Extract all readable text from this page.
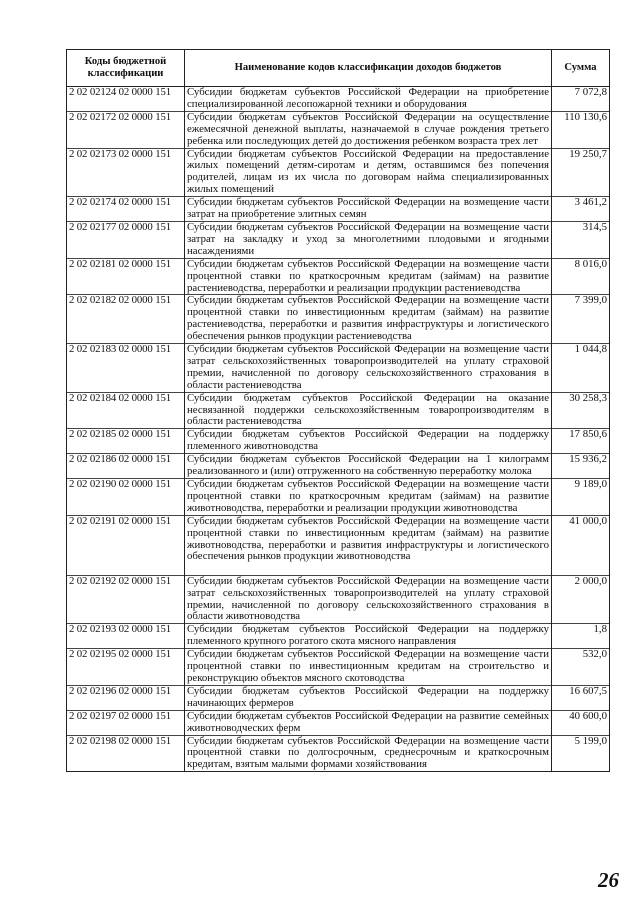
Коды бюджетной классификации	Наименование кодов классификации доходов бюджетов	Сумма
2 02 02124 02 0000 151	Субсидии бюджетам субъектов Российской Федерации на приобретение специализированной лесопожарной техники и оборудования	7 072,8
2 02 02172 02 0000 151	Субсидии бюджетам субъектов Российской Федерации на осуществление ежемесячной денежной выплаты, назначаемой в случае рождения третьего ребенка или последующих детей до достижения ребенком возраста трех лет	110 130,6
2 02 02173 02 0000 151	Субсидии бюджетам субъектов Российской Федерации на предоставление жилых помещений детям-сиротам и детям, оставшимся без попечения родителей, лицам из их числа по договорам найма специализированных жилых помещений	19 250,7
2 02 02174 02 0000 151	Субсидии бюджетам субъектов Российской Федерации на возмещение части затрат на приобретение элитных семян	3 461,2
2 02 02177 02 0000 151	Субсидии бюджетам субъектов Российской Федерации на возмещение части затрат на закладку и уход за многолетними плодовыми и ягодными насаждениями	314,5
2 02 02181 02 0000 151	Субсидии бюджетам субъектов Российской Федерации на возмещение части процентной ставки по краткосрочным кредитам (займам) на развитие растениеводства, переработки и реализации продукции растениеводства	8 016,0
2 02 02182 02 0000 151	Субсидии бюджетам субъектов Российской Федерации на возмещение части процентной ставки по инвестиционным кредитам (займам) на развитие растениеводства, переработки и развития инфраструктуры и логистического обеспечения рынков продукции растениеводства	7 399,0
2 02 02183 02 0000 151	Субсидии бюджетам субъектов Российской Федерации на возмещение части затрат сельскохозяйственных товаропроизводителей на уплату страховой премии, начисленной по договору сельскохозяйственного страхования в области растениеводства	1 044,8
2 02 02184 02 0000 151	Субсидии бюджетам субъектов Российской Федерации на оказание несвязанной поддержки сельскохозяйственным товаропроизводителям в области растениеводства	30 258,3
2 02 02185 02 0000 151	Субсидии бюджетам субъектов Российской Федерации на поддержку племенного животноводства	17 850,6
2 02 02186 02 0000 151	Субсидии бюджетам субъектов Российской Федерации на 1 килограмм реализованного и (или) отгруженного на собственную переработку молока	15 936,2
2 02 02190 02 0000 151	Субсидии бюджетам субъектов Российской Федерации на возмещение части процентной ставки по краткосрочным кредитам (займам) на развитие животноводства, переработки и реализации продукции животноводства	9 189,0
2 02 02191 02 0000 151	Субсидии бюджетам субъектов Российской Федерации на возмещение части процентной ставки по инвестиционным кредитам (займам) на развитие животноводства, переработки и развития инфраструктуры и логистического обеспечения рынков продукции животноводства	41 000,0
2 02 02192 02 0000 151	Субсидии бюджетам субъектов Российской Федерации на возмещение части затрат сельскохозяйственных товаропроизводителей на уплату страховой премии, начисленной по договору сельскохозяйственного страхования в области животноводства	2 000,0
2 02 02193 02 0000 151	Субсидии бюджетам субъектов Российской Федерации на поддержку племенного крупного рогатого скота мясного направления	1,8
2 02 02195 02 0000 151	Субсидии бюджетам субъектов Российской Федерации на возмещение части процентной ставки по инвестиционным кредитам на строительство и реконструкцию объектов мясного скотоводства	532,0
2 02 02196 02 0000 151	Субсидии бюджетам субъектов Российской Федерации на поддержку начинающих фермеров	16 607,5
2 02 02197 02 0000 151	Субсидии бюджетам субъектов Российской Федерации на развитие семейных животноводческих ферм	40 600,0
2 02 02198 02 0000 151	Субсидии бюджетам субъектов Российской Федерации на возмещение части процентной ставки по долгосрочным, среднесрочным и краткосрочным кредитам, взятым малыми формами хозяйствования	5 199,0
26
